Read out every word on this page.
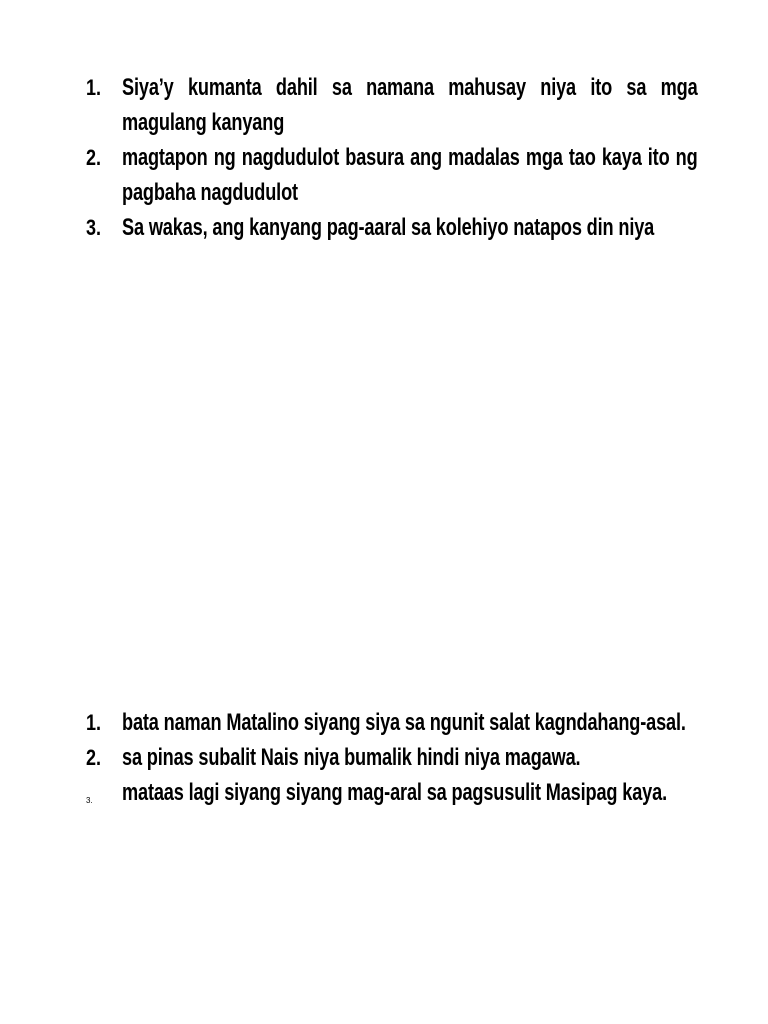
1. Siya’y kumanta dahil sa namana mahusay niya ito sa mga magulang kanyang
2. magtapon ng nagdudulot basura ang madalas mga tao kaya ito ng pagbaha nagdudulot
3. Sa wakas, ang kanyang pag-aaral sa kolehiyo natapos din niya
1. bata naman Matalino siyang siya sa ngunit salat kagndahang-asal.
2. sa pinas subalit Nais niya bumalik hindi niya magawa.
3.	mataas lagi siyang siyang mag-aral sa pagsusulit Masipag kaya.
